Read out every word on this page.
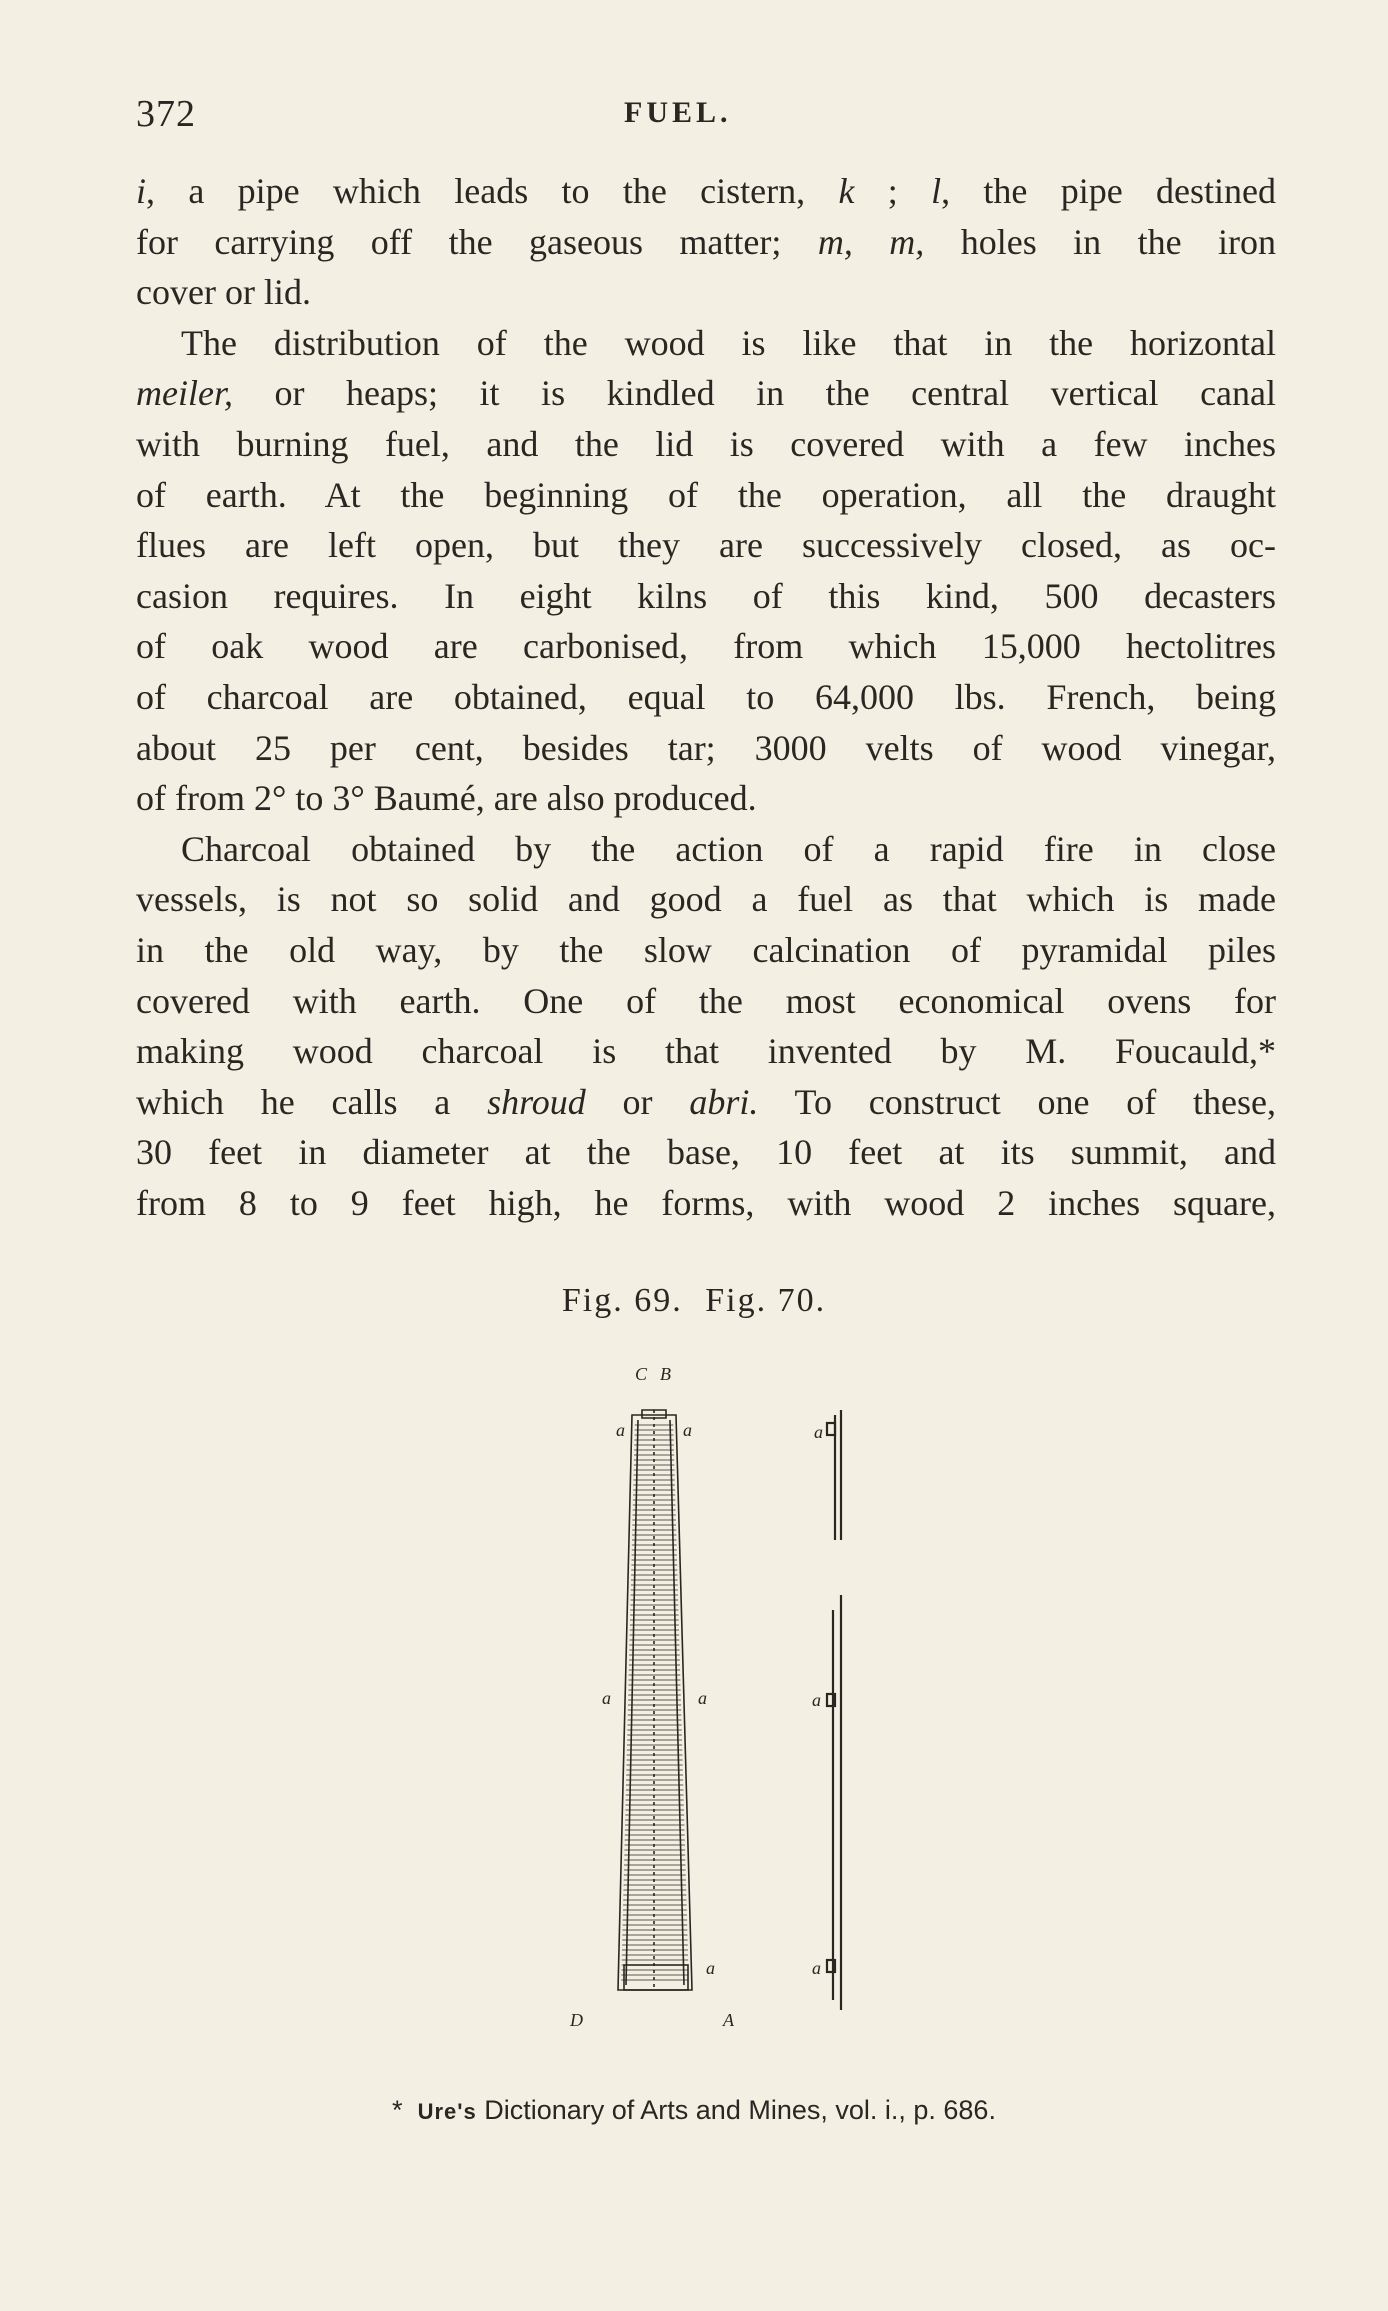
372	FUEL.
i, a pipe which leads to the cistern, k ; l, the pipe destined
for carrying off the gaseous matter; m, m, holes in the iron
cover or lid.
The distribution of the wood is like that in the horizontal
meiler, or heaps; it is kindled in the central vertical canal
with burning fuel, and the lid is covered with a few inches
of earth. At the beginning of the operation, all the draught
flues are left open, but they are successively closed, as oc-
casion requires. In eight kilns of this kind, 500 decasters
of oak wood are carbonised, from which 15,000 hectolitres
of charcoal are obtained, equal to 64,000 lbs. French, being
about 25 per cent, besides tar; 3000 velts of wood vinegar,
of from 2° to 3° Baumé, are also produced.
Charcoal obtained by the action of a rapid fire in close
vessels, is not so solid and good a fuel as that which is made
in the old way, by the slow calcination of pyramidal piles
covered with earth. One of the most economical ovens for
making wood charcoal is that invented by M. Foucauld,*
which he calls a shroud or abri. To construct one of these,
30 feet in diameter at the base, 10 feet at its summit, and
from 8 to 9 feet high, he forms, with wood 2 inches square,
Fig. 69. Fig. 70.
C B
a	a
a	a
a
a
a
a
D	A
* Ure's Dictionary of Arts and Mines, vol. i., p. 686.
